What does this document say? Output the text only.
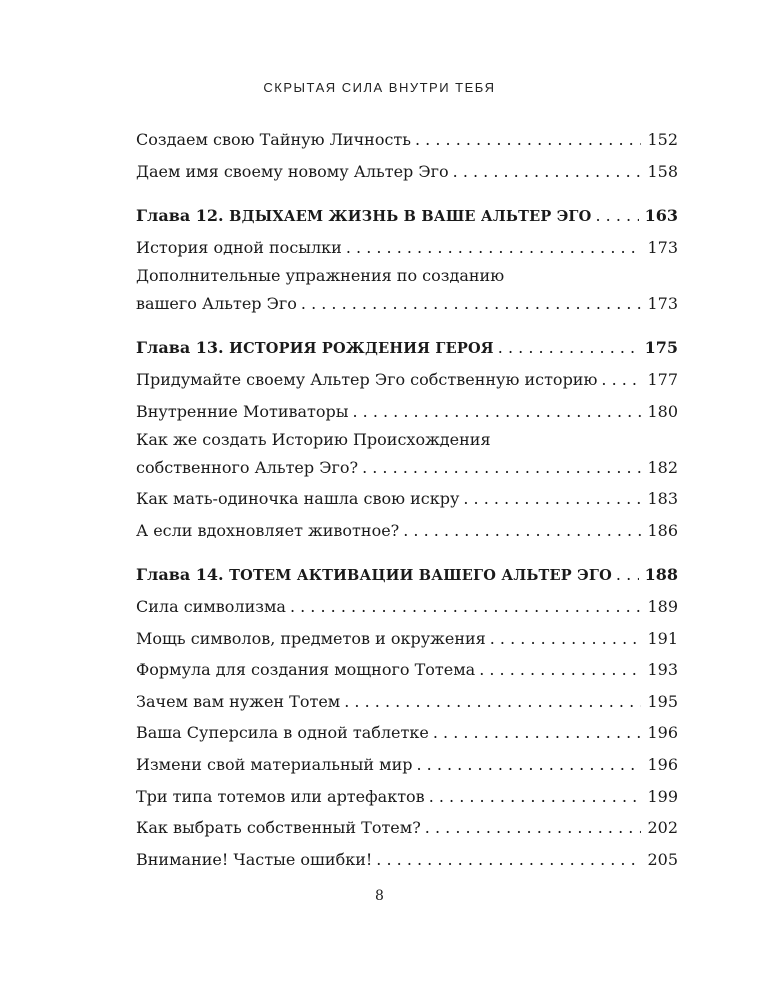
СКРЫТАЯ СИЛА ВНУТРИ ТЕБЯ
Создаем свою Тайную Личность . . .	152
Даем имя своему новому Альтер Эго . . .	158
Глава 12. ВДЫХАЕМ ЖИЗНЬ В ВАШЕ АЛЬТЕР ЭГО . . .	163
История одной посылки . . .	173
Дополнительные упражнения по созданию
вашего Альтер Эго . . .	173
Глава 13. ИСТОРИЯ РОЖДЕНИЯ ГЕРОЯ . . .	175
Придумайте своему Альтер Эго собственную историю . . .	177
Внутренние Мотиваторы . . .	180
Как же создать Историю Происхождения
собственного Альтер Эго? . . .	182
Как мать-одиночка нашла свою искру . . .	183
А если вдохновляет животное? . . .	186
Глава 14. ТОТЕМ АКТИВАЦИИ ВАШЕГО АЛЬТЕР ЭГО . . . 188
Сила символизма . . .	189
Мощь символов, предметов и окружения . . .	191
Формула для создания мощного Тотема . . .	193
Зачем вам нужен Тотем . . .	195
Ваша Суперсила в одной таблетке . . .	196
Измени свой материальный мир . . .	196
Три типа тотемов или артефактов . . .	199
Как выбрать собственный Тотем? . . .	202
Внимание! Частые ошибки! . . .	205
8
